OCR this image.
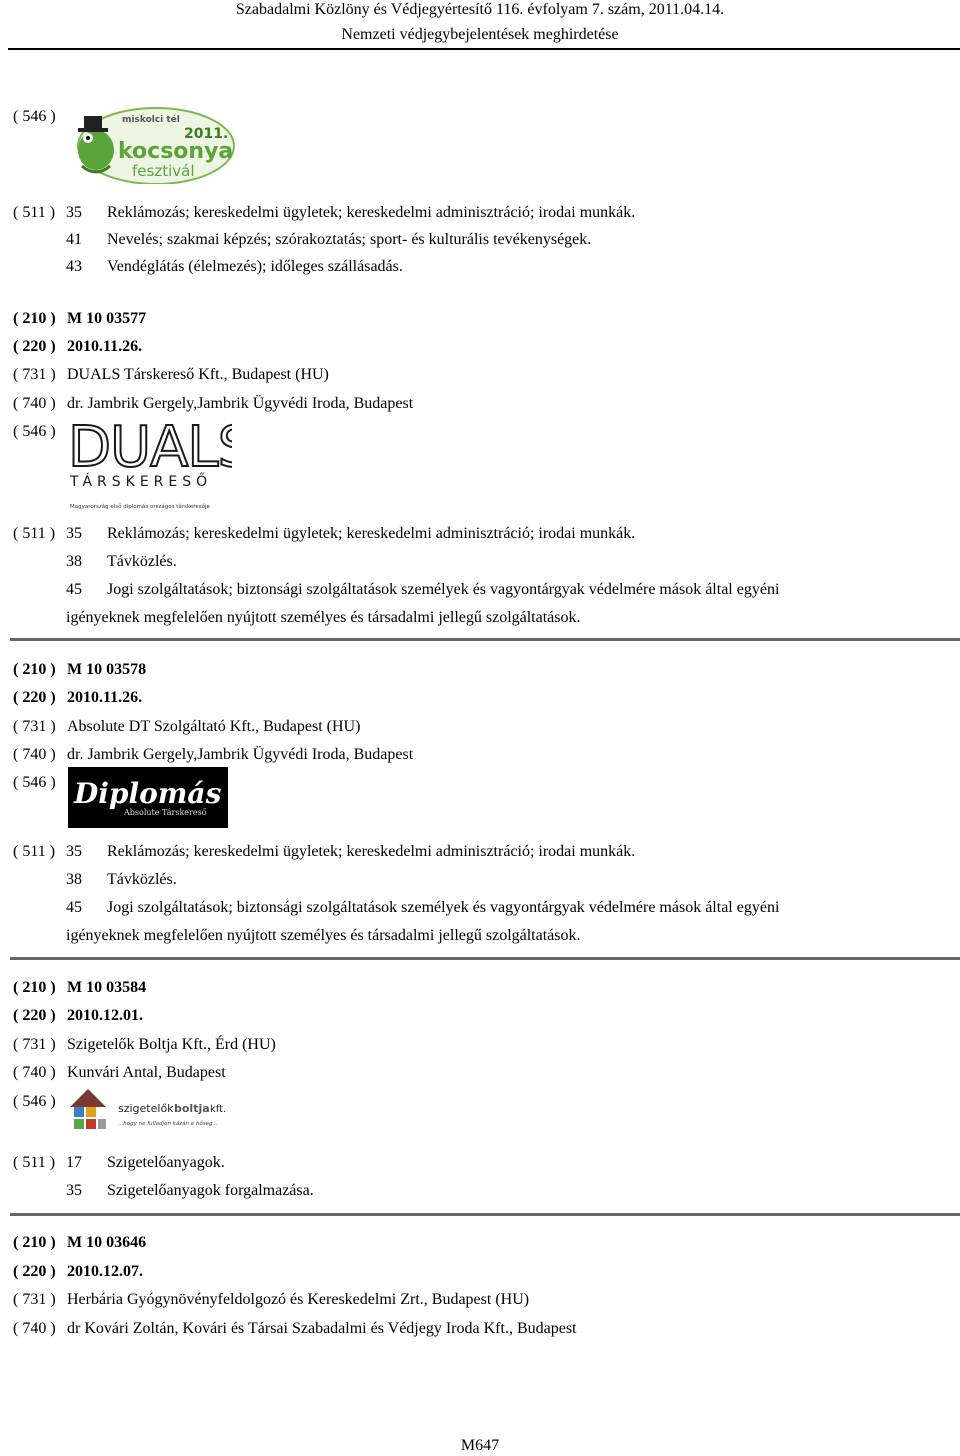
Szabadalmi Közlöny és Védjegyértesítő 116. évfolyam 7. szám, 2011.04.14.
Nemzeti védjegybejelentések meghirdetése
( 546 )	miskolci tél
2011.
kocsonya
fesztivál
( 511 ) 35 Reklámozás; kereskedelmi ügyletek; kereskedelmi adminisztráció; irodai munkák.
41 Nevelés; szakmai képzés; szórakoztatás; sport- és kulturális tevékenységek.
43 Vendéglátás (élelmezés); időleges szállásadás.
( 210 ) M 10 03577
( 220 ) 2010.11.26.
( 731 ) DUALS Társkereső Kft., Budapest (HU)
( 740 ) dr. Jambrik Gergely,Jambrik Ügyvédi Iroda, Budapest
( 546 ) DUAL
TÁRSKERESŐ
Magyarország első diplomás országos társkeresője
( 511 ) 35 Reklámozás; kereskedelmi ügyletek; kereskedelmi adminisztráció; irodai munkák.
38 Távközlés.
45 Jogi szolgáltatások; biztonsági szolgáltatások személyek és vagyontárgyak védelmére mások által egyéni
igényeknek megfelelően nyújtott személyes és társadalmi jellegű szolgáltatások.
( 210 ) M 10 03578
( 220 ) 2010.11.26.
( 731 ) Absolute DT Szolgáltató Kft., Budapest (HU)
( 740 ) dr. Jambrik Gergely,Jambrik Ügyvédi Iroda, Budapest
( 546 ) Diplomás
Absolute Társkereső
( 511 ) 35 Reklámozás; kereskedelmi ügyletek; kereskedelmi adminisztráció; irodai munkák.
38 Távközlés.
45 Jogi szolgáltatások; biztonsági szolgáltatások személyek és vagyontárgyak védelmére mások által egyéni
igényeknek megfelelően nyújtott személyes és társadalmi jellegű szolgáltatások.
( 210 ) M 10 03584
( 220 ) 2010.12.01.
( 731 ) Szigetelők Boltja Kft., Érd (HU)
( 740 ) Kunvári Antal, Budapest
( 546 )	szigetelők boltja kft.
...hogy ne fulladjon kázán e hőség...
( 511 ) 17 Szigetelőanyagok.
35 Szigetelőanyagok forgalmazása.
( 210 ) M 10 03646
( 220 ) 2010.12.07.
( 731 ) Herbária Gyógynövényfeldolgozó és Kereskedelmi Zrt., Budapest (HU)
( 740 ) dr Kovári Zoltán, Kovári és Társai Szabadalmi és Védjegy Iroda Kft., Budapest
M647
